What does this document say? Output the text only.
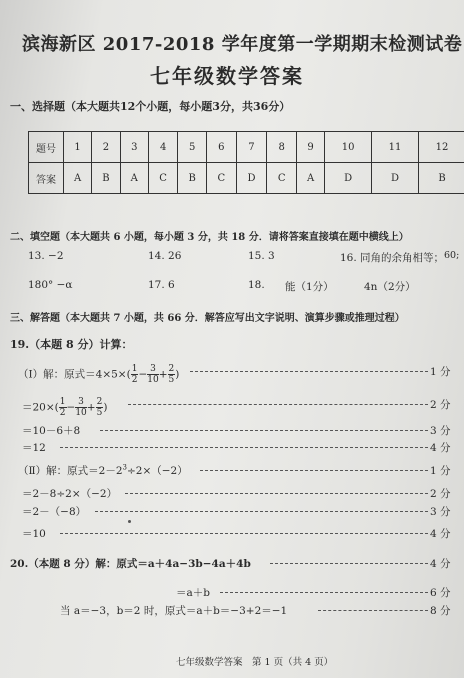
滨海新区 2017-2018 学年度第一学期期末检测试卷
七年级数学答案
一、选择题（本大题共12个小题，每小题3分，共36分）
题号	1	2	3	4	5	6	7	8	9	10	11	12
答案	A	B	A	C	B	C	D	C	A	D	D	B
二、填空题（本大题共 6 小题，每小题 3 分，共 18 分．请将答案直接填在题中横线上）
13. −2	14. 26	15. 3	16. 同角的余角相等； 60;
180° −α	17. 6	18. 能（1分）	4n（2分）
三、解答题（本大题共 7 小题，共 66 分．解答应写出文字说明、演算步骤或推理过程）
19.（本题 8 分）计算：
（Ⅰ）解：原式$=4\times 5\times( \frac{1}{2} - \frac{3}{10} + \frac{2}{5}$ )	1 分
$=20\times( \frac{1}{2} - \frac{3}{10} + \frac{2}{5}$ )	2 分
＝10－6＋8	3 分
＝12	4 分
（Ⅱ）解：原式$=2-2^3\div 2\times(-2)$	1 分
＝2－8÷2×（−2）	2 分
＝2－（−8）	3 分
＝10	4 分
20.（本题 8 分）解：原式＝a＋4a−3b−4a＋4b	4 分
＝a＋b	6 分
当 a＝−3，b＝2 时，原式＝a＋b＝−3+2＝−1	8 分
七年级数学答案　第 1 页（共 4 页）
